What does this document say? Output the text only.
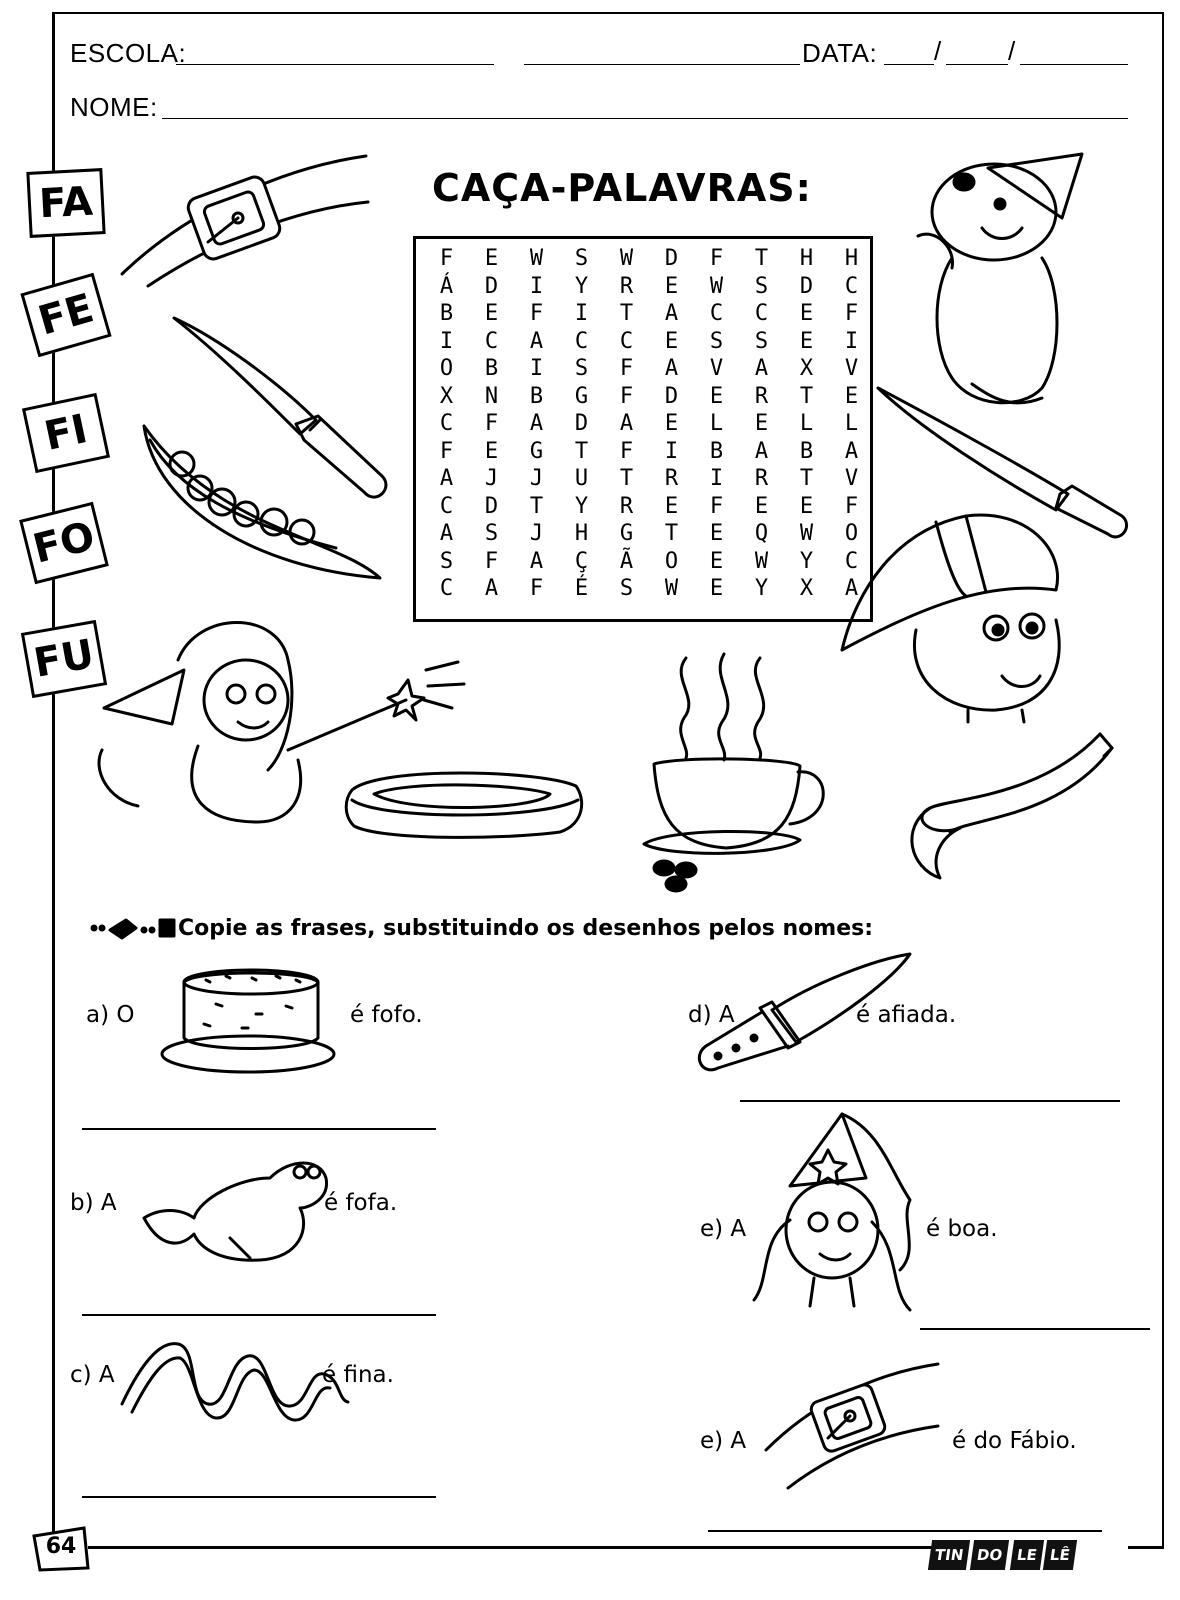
ESCOLA:	DATA: /	/
NOME:
FA
FE
FI
FO
FU
CAÇA-PALAVRAS:
F	E	W	S	W	D	F	T	H	H
Á	D	I	Y	R	E	W	S	D	C
B	E	F	I	T	A	C	C	E	F
I	C	A	C	C	E	S	S	E	I
O	B	I	S	F	A	V	A	X	V
X	N	B	G	F	D	E	R	T	E
C	F	A	D	A	E	L	E	L	L
F	E	G	T	F	I	B	A	B	A
A	J	J	U	T	R	I	R	T	V
C	D	T	Y	R	E	F	E	E	F
A	S	J	H	G	T	E	Q	W	O
S	F	A	Ç	Ã	O	E	W	Y	C
C	A	F	É	S	W	E	Y	X	A
Copie as frases, substituindo os desenhos pelos nomes:
a) O	é fofo.
b) A	é fofa.
c) A	é fina.
d) A	é afiada.
e) A	é boa.
e) A	é do Fábio.
64	TIN DO LE LÊ
